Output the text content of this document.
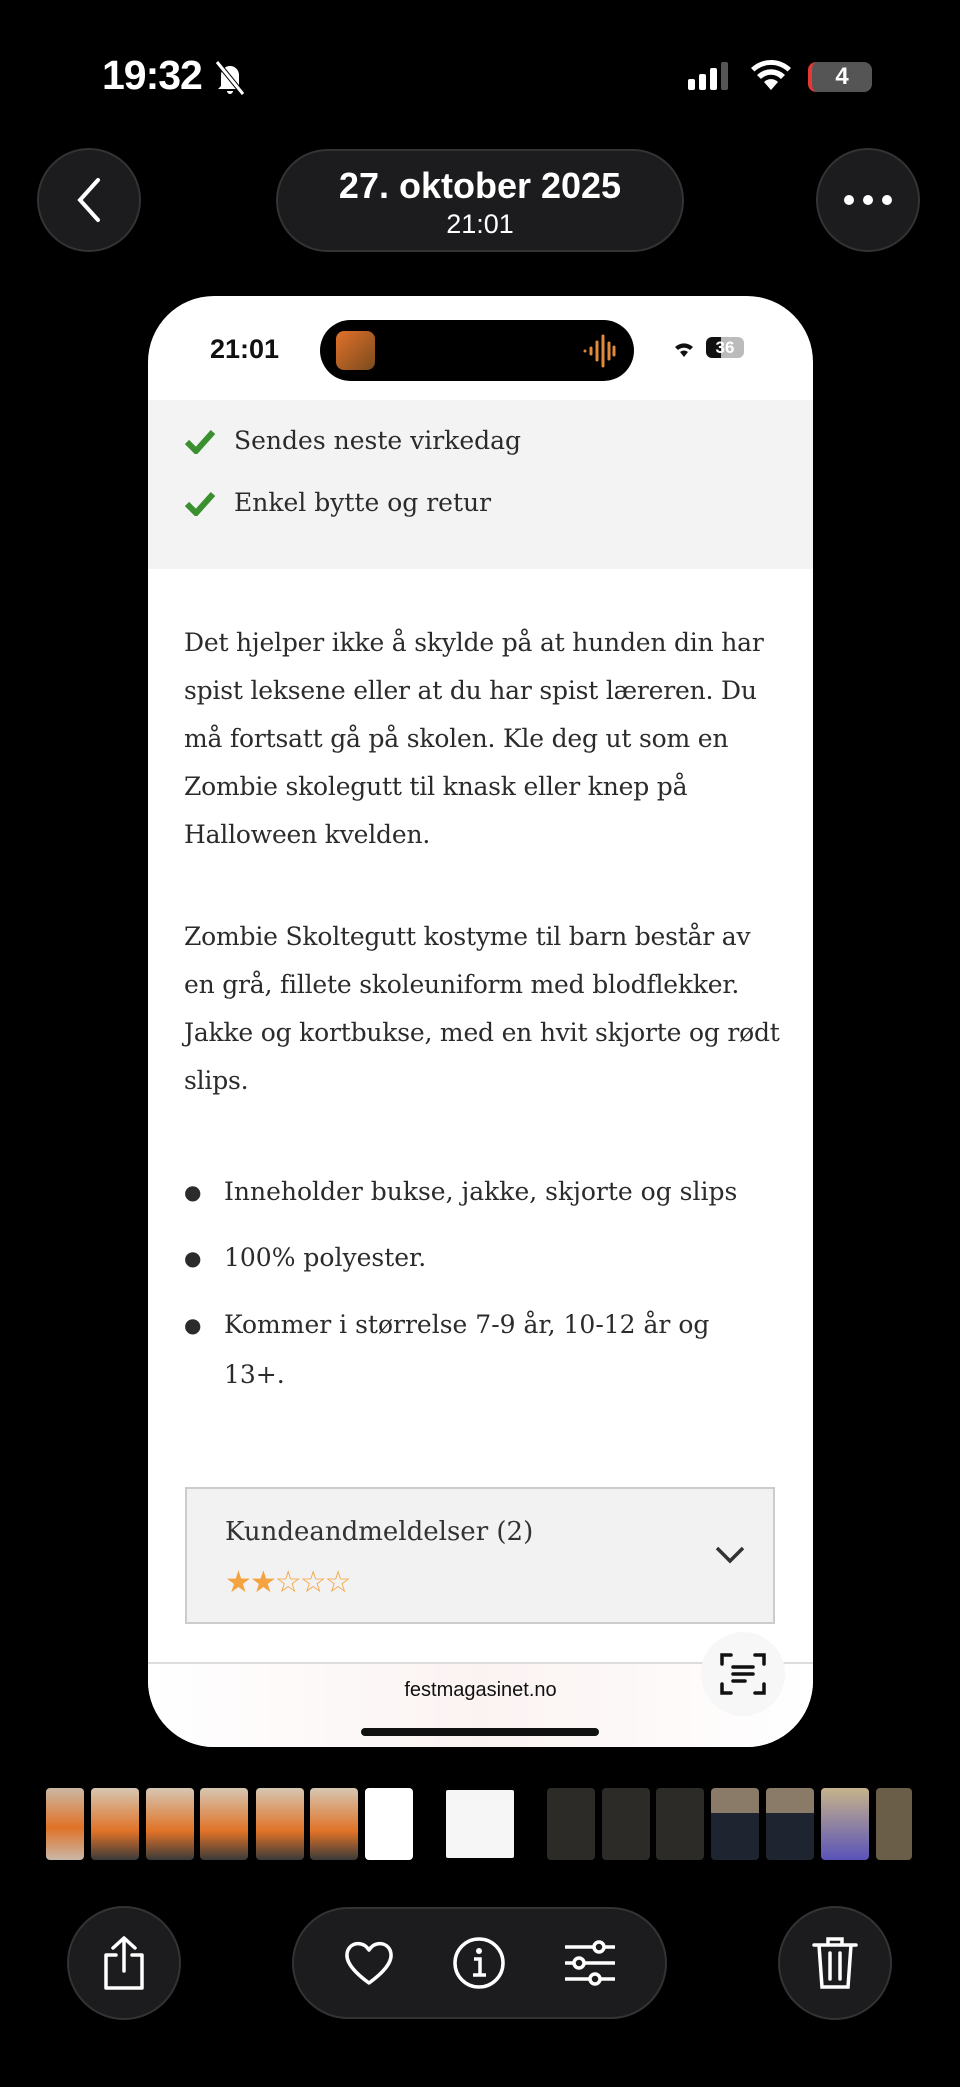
19:32	4
27. oktober 2025
21:01
21:01	36
Sendes neste virkedag
Enkel bytte og retur

Det hjelper ikke å skylde på at hunden din har spist leksene eller at du har spist læreren. Du må fortsatt gå på skolen. Kle deg ut som en Zombie skolegutt til knask eller knep på Halloween kvelden.

Zombie Skoltegutt kostyme til barn består av en grå, fillete skoleuniform med blodflekker. Jakke og kortbukse, med en hvit skjorte og rødt slips.

● Inneholder bukse, jakke, skjorte og slips
● 100% polyester.
● Kommer i størrelse 7-9 år, 10-12 år og 13+.
Kundeandmeldelser (2)
★★☆☆☆
festmagasinet.no
